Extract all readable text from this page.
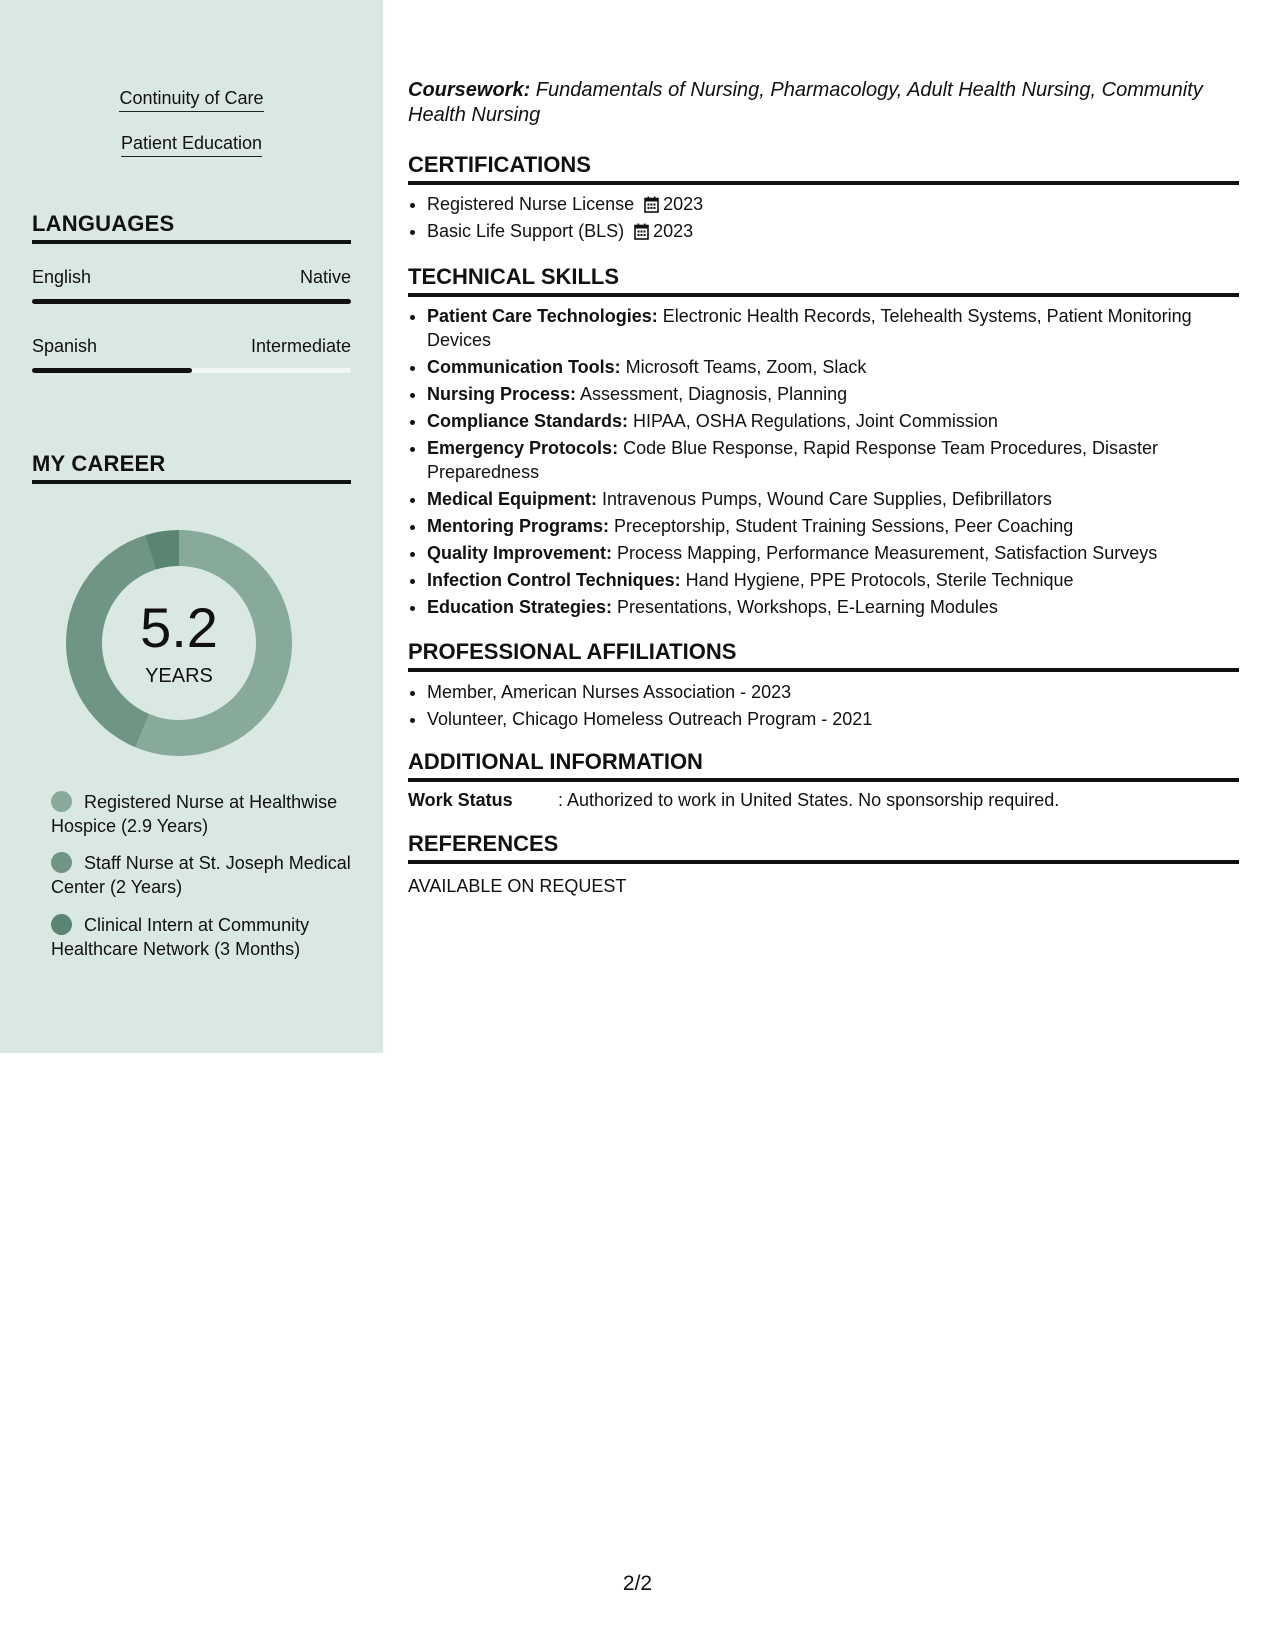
Continuity of Care
Patient Education
LANGUAGES
English	Native
Spanish	Intermediate
MY CAREER
5.2
YEARS
Registered Nurse at Healthwise Hospice (2.9 Years)
Staff Nurse at St. Joseph Medical Center (2 Years)
Clinical Intern at Community Healthcare Network (3 Months)
Coursework: Fundamentals of Nursing, Pharmacology, Adult Health Nursing, Community Health Nursing
CERTIFICATIONS
• Registered Nurse License 2023
• Basic Life Support (BLS) 2023
TECHNICAL SKILLS
• Patient Care Technologies: Electronic Health Records, Telehealth Systems, Patient Monitoring Devices
• Communication Tools: Microsoft Teams, Zoom, Slack
• Nursing Process: Assessment, Diagnosis, Planning
• Compliance Standards: HIPAA, OSHA Regulations, Joint Commission
• Emergency Protocols: Code Blue Response, Rapid Response Team Procedures, Disaster Preparedness
• Medical Equipment: Intravenous Pumps, Wound Care Supplies, Defibrillators
• Mentoring Programs: Preceptorship, Student Training Sessions, Peer Coaching
• Quality Improvement: Process Mapping, Performance Measurement, Satisfaction Surveys
• Infection Control Techniques: Hand Hygiene, PPE Protocols, Sterile Technique
• Education Strategies: Presentations, Workshops, E-Learning Modules
PROFESSIONAL AFFILIATIONS
• Member, American Nurses Association - 2023
• Volunteer, Chicago Homeless Outreach Program - 2021
ADDITIONAL INFORMATION
Work Status	: Authorized to work in United States. No sponsorship required.
REFERENCES
AVAILABLE ON REQUEST
2/2
